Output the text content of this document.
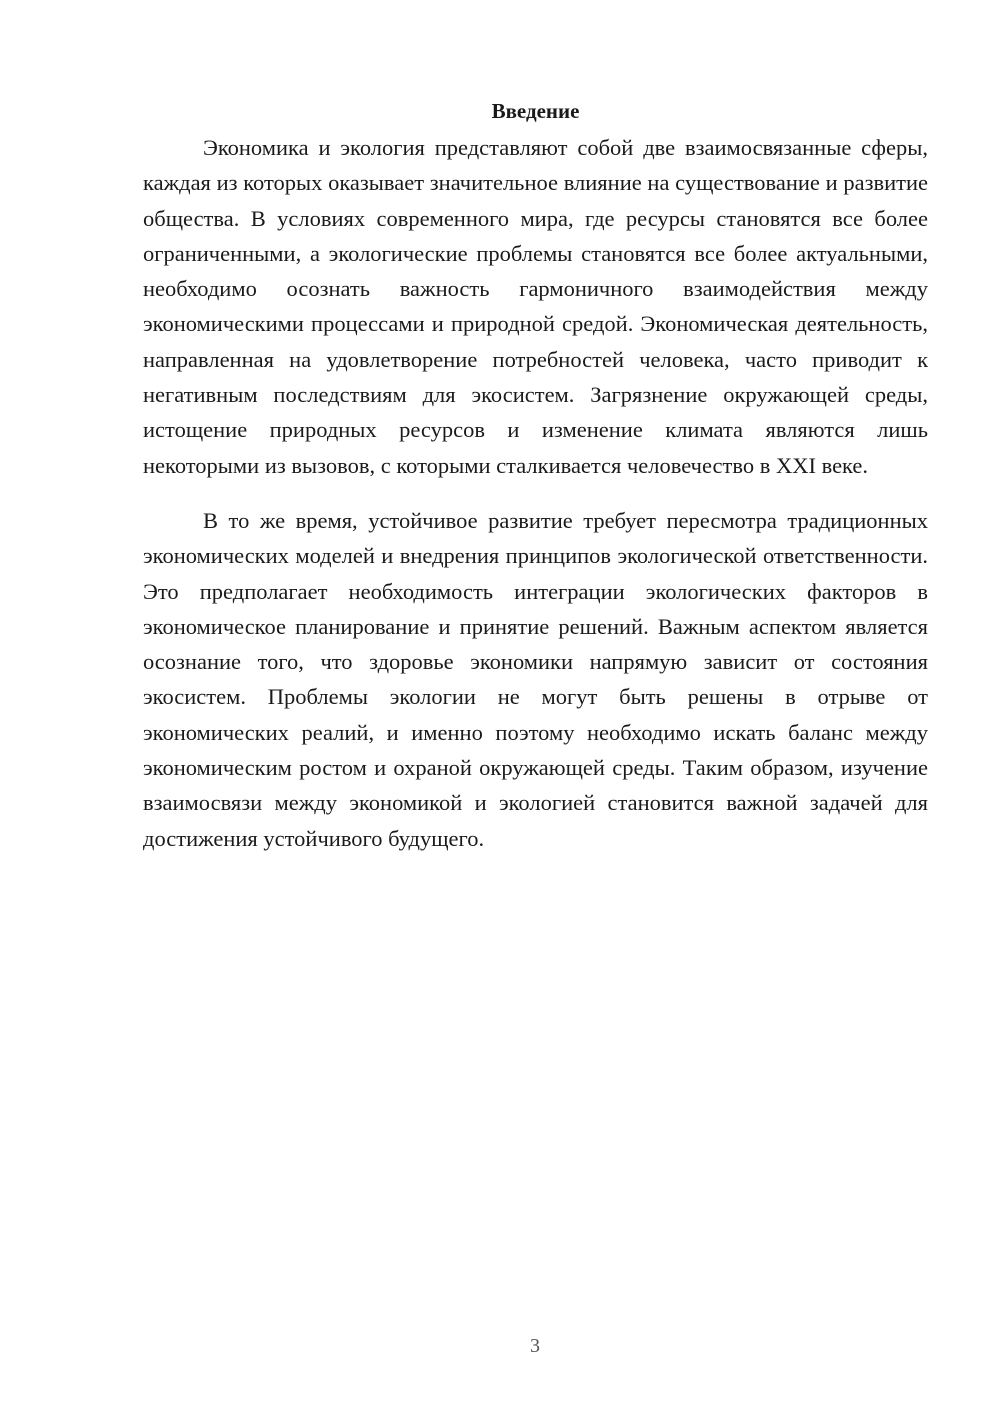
Введение

Экономика и экология представляют собой две взаимосвязанные сферы, каждая из которых оказывает значительное влияние на существование и развитие общества. В условиях современного мира, где ресурсы становятся все более ограниченными, а экологические проблемы становятся все более актуальными, необходимо осознать важность гармоничного взаимодействия между экономическими процессами и природной средой. Экономическая деятельность, направленная на удовлетворение потребностей человека, часто приводит к негативным последствиям для экосистем. Загрязнение окружающей среды, истощение природных ресурсов и изменение климата являются лишь некоторыми из вызовов, с которыми сталкивается человечество в XXI веке.

В то же время, устойчивое развитие требует пересмотра традиционных экономических моделей и внедрения принципов экологической ответственности. Это предполагает необходимость интеграции экологических факторов в экономическое планирование и принятие решений. Важным аспектом является осознание того, что здоровье экономики напрямую зависит от состояния экосистем. Проблемы экологии не могут быть решены в отрыве от экономических реалий, и именно поэтому необходимо искать баланс между экономическим ростом и охраной окружающей среды. Таким образом, изучение взаимосвязи между экономикой и экологией становится важной задачей для достижения устойчивого будущего.

3
